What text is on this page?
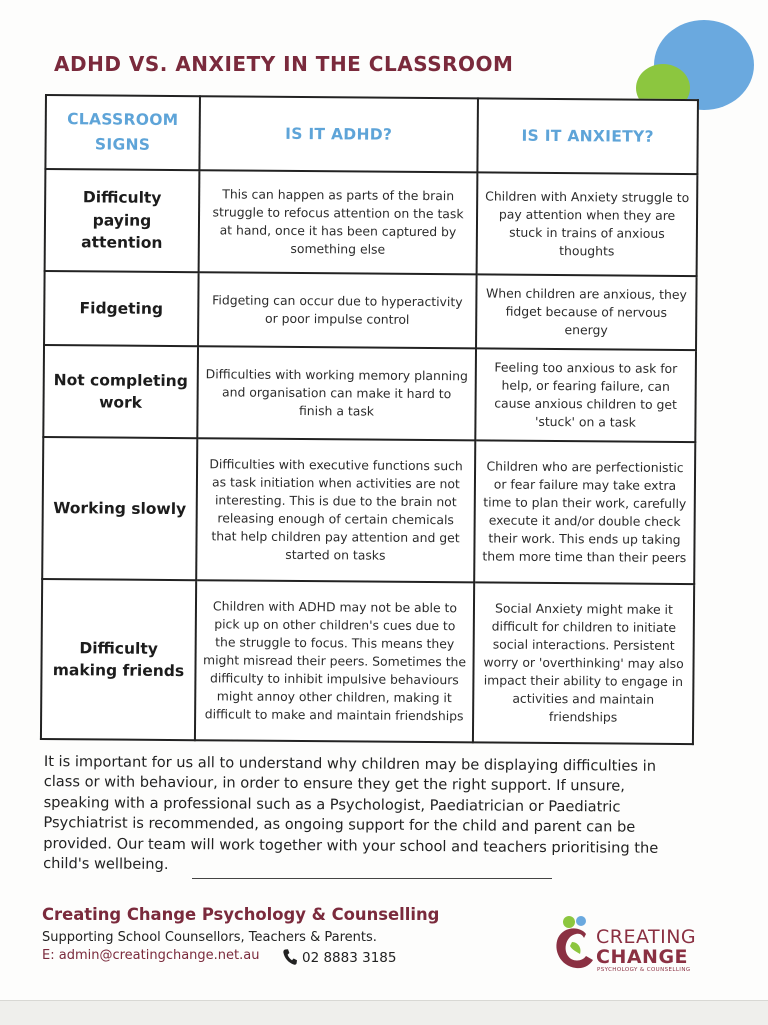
ADHD VS. ANXIETY IN THE CLASSROOM
CLASSROOM SIGNS	IS IT ADHD?	IS IT ANXIETY?
Difficulty paying attention	This can happen as parts of the brain struggle to refocus attention on the task at hand, once it has been captured by something else	Children with Anxiety struggle to pay attention when they are stuck in trains of anxious thoughts
Fidgeting	Fidgeting can occur due to hyperactivity or poor impulse control	When children are anxious, they fidget because of nervous energy
Not completing work	Difficulties with working memory planning and organisation can make it hard to finish a task	Feeling too anxious to ask for help, or fearing failure, can cause anxious children to get 'stuck' on a task
Working slowly	Difficulties with executive functions such as task initiation when activities are not interesting. This is due to the brain not releasing enough of certain chemicals that help children pay attention and get started on tasks	Children who are perfectionistic or fear failure may take extra time to plan their work, carefully execute it and/or double check their work. This ends up taking them more time than their peers
Difficulty making friends	Children with ADHD may not be able to pick up on other children's cues due to the struggle to focus. This means they might misread their peers. Sometimes the difficulty to inhibit impulsive behaviours might annoy other children, making it difficult to make and maintain friendships	Social Anxiety might make it difficult for children to initiate social interactions. Persistent worry or 'overthinking' may also impact their ability to engage in activities and maintain friendships
It is important for us all to understand why children may be displaying difficulties in class or with behaviour, in order to ensure they get the right support. If unsure, speaking with a professional such as a Psychologist, Paediatrician or Paediatric Psychiatrist is recommended, as ongoing support for the child and parent can be provided. Our team will work together with your school and teachers prioritising the child's wellbeing.
Creating Change Psychology & Counselling
Supporting School Counsellors, Teachers & Parents.
E: admin@creatingchange.net.au	02 8883 3185
CREATING
CHANGE
PSYCHOLOGY & COUNSELLING
